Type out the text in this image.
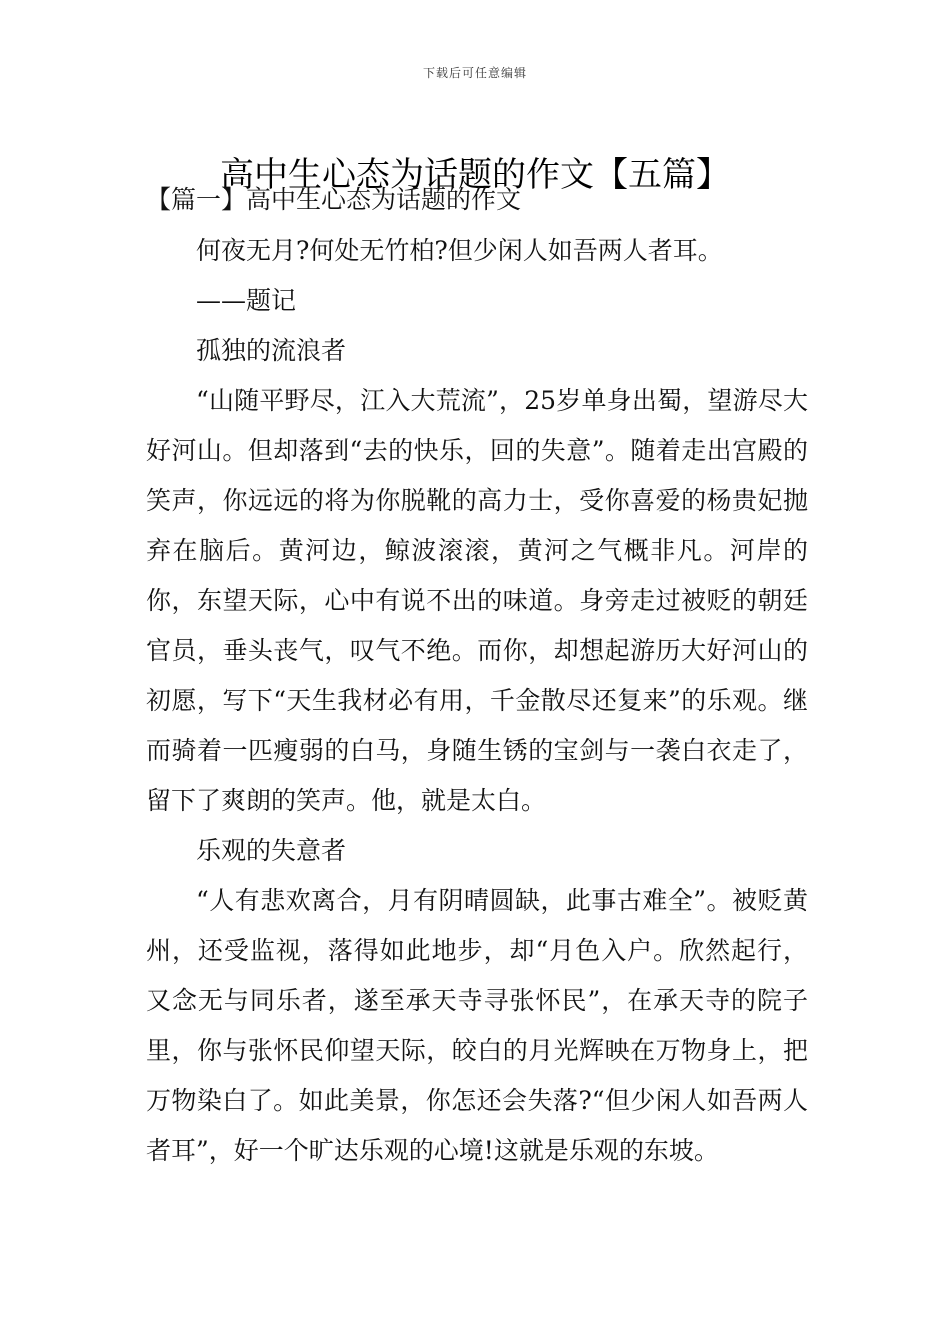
下载后可任意编辑
高中生心态为话题的作文【五篇】
【篇一】高中生心态为话题的作文

何夜无月?何处无竹柏?但少闲人如吾两人者耳。

——题记

孤独的流浪者

“山随平野尽，江入大荒流”，25岁单身出蜀，望游尽大好河山。但却落到“去的快乐，回的失意”。随着走出宫殿的笑声，你远远的将为你脱靴的高力士，受你喜爱的杨贵妃抛弃在脑后。黄河边，鲸波滚滚，黄河之气概非凡。河岸的你，东望天际，心中有说不出的味道。身旁走过被贬的朝廷官员，垂头丧气，叹气不绝。而你，却想起游历大好河山的初愿，写下“天生我材必有用，千金散尽还复来”的乐观。继而骑着一匹瘦弱的白马，身随生锈的宝剑与一袭白衣走了，留下了爽朗的笑声。他，就是太白。

乐观的失意者

“人有悲欢离合，月有阴晴圆缺，此事古难全”。被贬黄州，还受监视，落得如此地步，却“月色入户。欣然起行，又念无与同乐者，遂至承天寺寻张怀民”，在承天寺的院子里，你与张怀民仰望天际，皎白的月光辉映在万物身上，把万物染白了。如此美景，你怎还会失落?“但少闲人如吾两人者耳”，好一个旷达乐观的心境!这就是乐观的东坡。
